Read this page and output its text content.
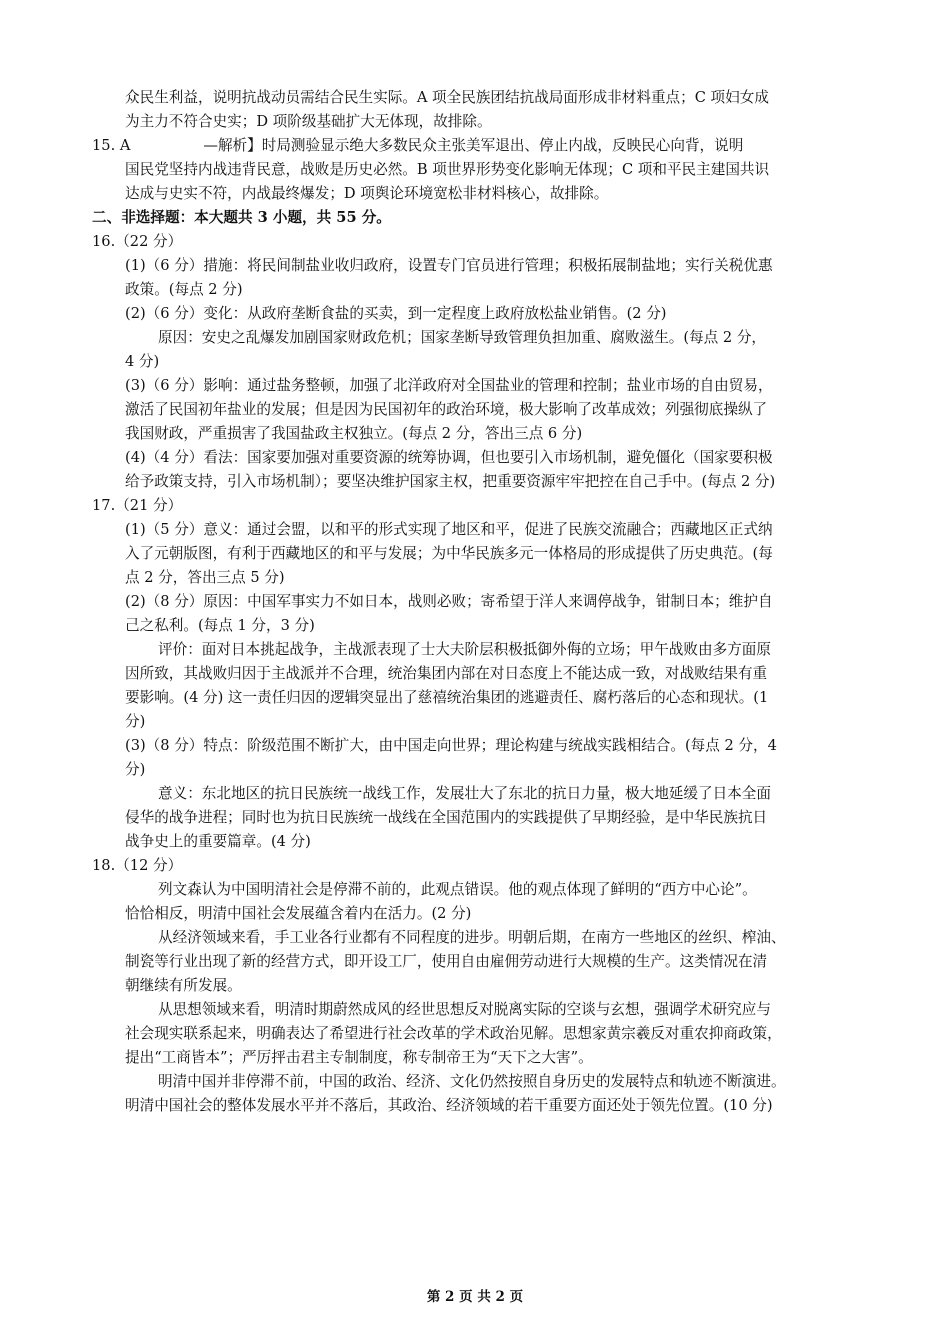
众民生利益，说明抗战动员需结合民生实际。A 项全民族团结抗战局面形成非材料重点；C 项妇女成
为主力不符合史实；D 项阶级基础扩大无体现，故排除。
15. A　　　　　—解析】时局测验显示绝大多数民众主张美军退出、停止内战，反映民心向背，说明
国民党坚持内战违背民意，战败是历史必然。B 项世界形势变化影响无体现；C 项和平民主建国共识
达成与史实不符，内战最终爆发；D 项舆论环境宽松非材料核心，故排除。
二、非选择题：本大题共 3 小题，共 55 分。
16.（22 分）
(1)（6 分）措施：将民间制盐业收归政府，设置专门官员进行管理；积极拓展制盐地；实行关税优惠
政策。(每点 2 分)
(2)（6 分）变化：从政府垄断食盐的买卖，到一定程度上政府放松盐业销售。(2 分)
原因：安史之乱爆发加剧国家财政危机；国家垄断导致管理负担加重、腐败滋生。(每点 2 分，
4 分)
(3)（6 分）影响：通过盐务整顿，加强了北洋政府对全国盐业的管理和控制；盐业市场的自由贸易，
激活了民国初年盐业的发展；但是因为民国初年的政治环境，极大影响了改革成效；列强彻底操纵了
我国财政，严重损害了我国盐政主权独立。(每点 2 分，答出三点 6 分)
(4)（4 分）看法：国家要加强对重要资源的统筹协调，但也要引入市场机制，避免僵化（国家要积极
给予政策支持，引入市场机制）；要坚决维护国家主权，把重要资源牢牢把控在自己手中。(每点 2 分)
17.（21 分）
(1)（5 分）意义：通过会盟，以和平的形式实现了地区和平，促进了民族交流融合；西藏地区正式纳
入了元朝版图，有利于西藏地区的和平与发展；为中华民族多元一体格局的形成提供了历史典范。(每
点 2 分，答出三点 5 分)
(2)（8 分）原因：中国军事实力不如日本，战则必败；寄希望于洋人来调停战争，钳制日本；维护自
己之私利。(每点 1 分，3 分)
评价：面对日本挑起战争，主战派表现了士大夫阶层积极抵御外侮的立场；甲午战败由多方面原
因所致，其战败归因于主战派并不合理，统治集团内部在对日态度上不能达成一致，对战败结果有重
要影响。(4 分) 这一责任归因的逻辑突显出了慈禧统治集团的逃避责任、腐朽落后的心态和现状。(1
分)
(3)（8 分）特点：阶级范围不断扩大，由中国走向世界；理论构建与统战实践相结合。(每点 2 分，4
分)
意义：东北地区的抗日民族统一战线工作，发展壮大了东北的抗日力量，极大地延缓了日本全面
侵华的战争进程；同时也为抗日民族统一战线在全国范围内的实践提供了早期经验，是中华民族抗日
战争史上的重要篇章。(4 分)
18.（12 分）
列文森认为中国明清社会是停滞不前的，此观点错误。他的观点体现了鲜明的“西方中心论”。
恰恰相反，明清中国社会发展蕴含着内在活力。(2 分)
从经济领域来看，手工业各行业都有不同程度的进步。明朝后期，在南方一些地区的丝织、榨油、
制瓷等行业出现了新的经营方式，即开设工厂，使用自由雇佣劳动进行大规模的生产。这类情况在清
朝继续有所发展。
从思想领域来看，明清时期蔚然成风的经世思想反对脱离实际的空谈与玄想，强调学术研究应与
社会现实联系起来，明确表达了希望进行社会改革的学术政治见解。思想家黄宗羲反对重农抑商政策，
提出“工商皆本”；严厉抨击君主专制制度，称专制帝王为“天下之大害”。
明清中国并非停滞不前，中国的政治、经济、文化仍然按照自身历史的发展特点和轨迹不断演进。
明清中国社会的整体发展水平并不落后，其政治、经济领域的若干重要方面还处于领先位置。(10 分)
第 2 页 共 2 页
